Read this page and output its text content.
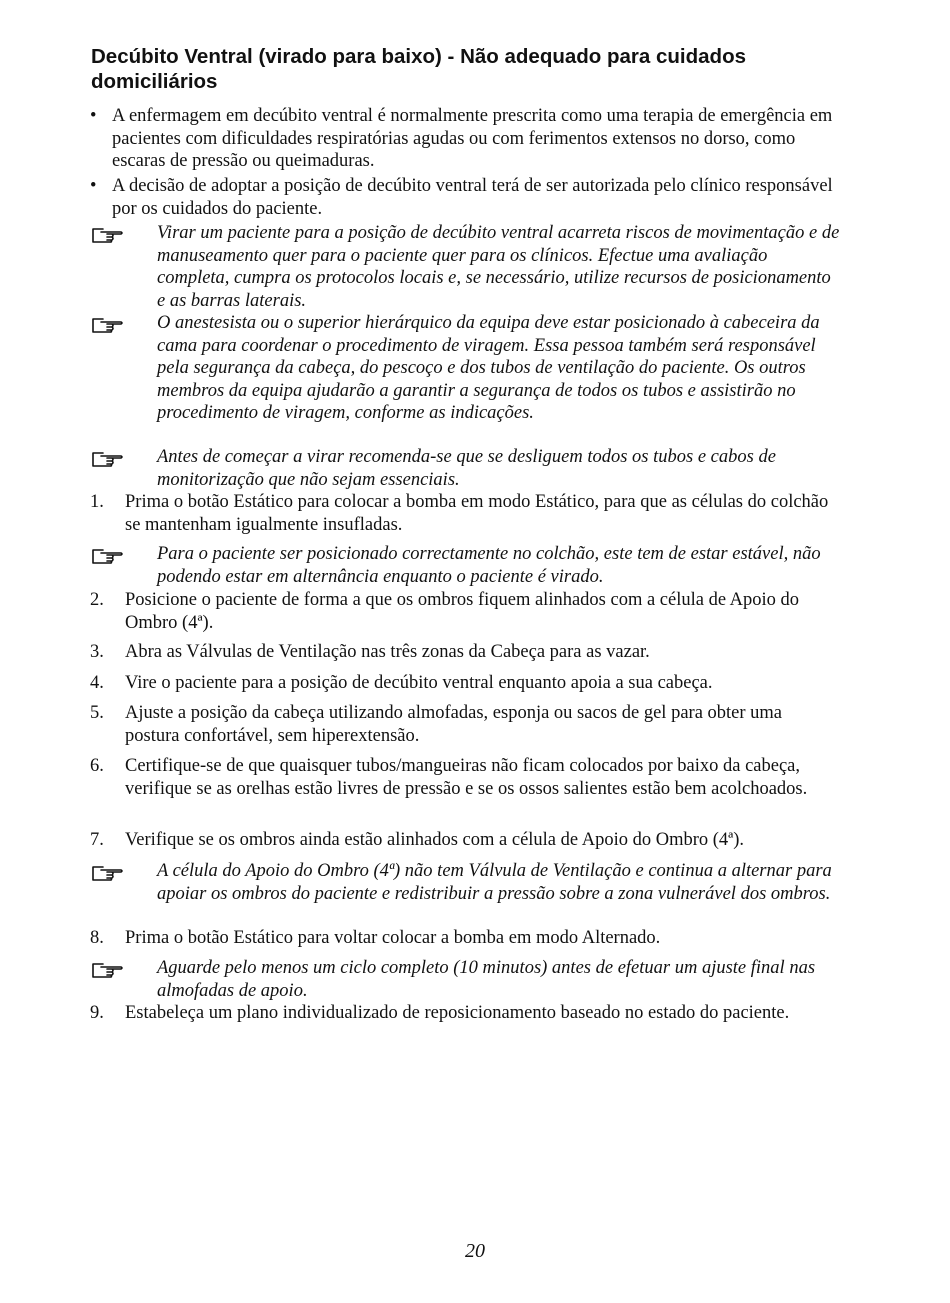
Decúbito Ventral (virado para baixo) - Não adequado para cuidados domiciliários
• A enfermagem em decúbito ventral é normalmente prescrita como uma terapia de emergência em pacientes com dificuldades respiratórias agudas ou com ferimentos extensos no dorso, como escaras de pressão ou queimaduras.
• A decisão de adoptar a posição de decúbito ventral terá de ser autorizada pelo clínico responsável por os cuidados do paciente.
Virar um paciente para a posição de decúbito ventral acarreta riscos de movimentação e de manuseamento quer para o paciente quer para os clínicos. Efectue uma avaliação completa, cumpra os protocolos locais e, se necessário, utilize recursos de posicionamento e as barras laterais.
O anestesista ou o superior hierárquico da equipa deve estar posicionado à cabeceira da cama para coordenar o procedimento de viragem. Essa pessoa também será responsável pela segurança da cabeça, do pescoço e dos tubos de ventilação do paciente. Os outros membros da equipa ajudarão a garantir a segurança de todos os tubos e assistirão no procedimento de viragem, conforme as indicações.
Antes de começar a virar recomenda-se que se desliguem todos os tubos e cabos de monitorização que não sejam essenciais.
1. Prima o botão Estático para colocar a bomba em modo Estático, para que as células do colchão se mantenham igualmente insufladas.
Para o paciente ser posicionado correctamente no colchão, este tem de estar estável, não podendo estar em alternância enquanto o paciente é virado.
2. Posicione o paciente de forma a que os ombros fiquem alinhados com a célula de Apoio do Ombro (4ª).
3. Abra as Válvulas de Ventilação nas três zonas da Cabeça para as vazar.
4. Vire o paciente para a posição de decúbito ventral enquanto apoia a sua cabeça.
5. Ajuste a posição da cabeça utilizando almofadas, esponja ou sacos de gel para obter uma postura confortável, sem hiperextensão.
6. Certifique-se de que quaisquer tubos/mangueiras não ficam colocados por baixo da cabeça, verifique se as orelhas estão livres de pressão e se os ossos salientes estão bem acolchoados.
7. Verifique se os ombros ainda estão alinhados com a célula de Apoio do Ombro (4ª).
A célula do Apoio do Ombro (4ª) não tem Válvula de Ventilação e continua a alternar para apoiar os ombros do paciente e redistribuir a pressão sobre a zona vulnerável dos ombros.
8. Prima o botão Estático para voltar colocar a bomba em modo Alternado.
Aguarde pelo menos um ciclo completo (10 minutos) antes de efetuar um ajuste final nas almofadas de apoio.
9. Estabeleça um plano individualizado de reposicionamento baseado no estado do paciente.
20
